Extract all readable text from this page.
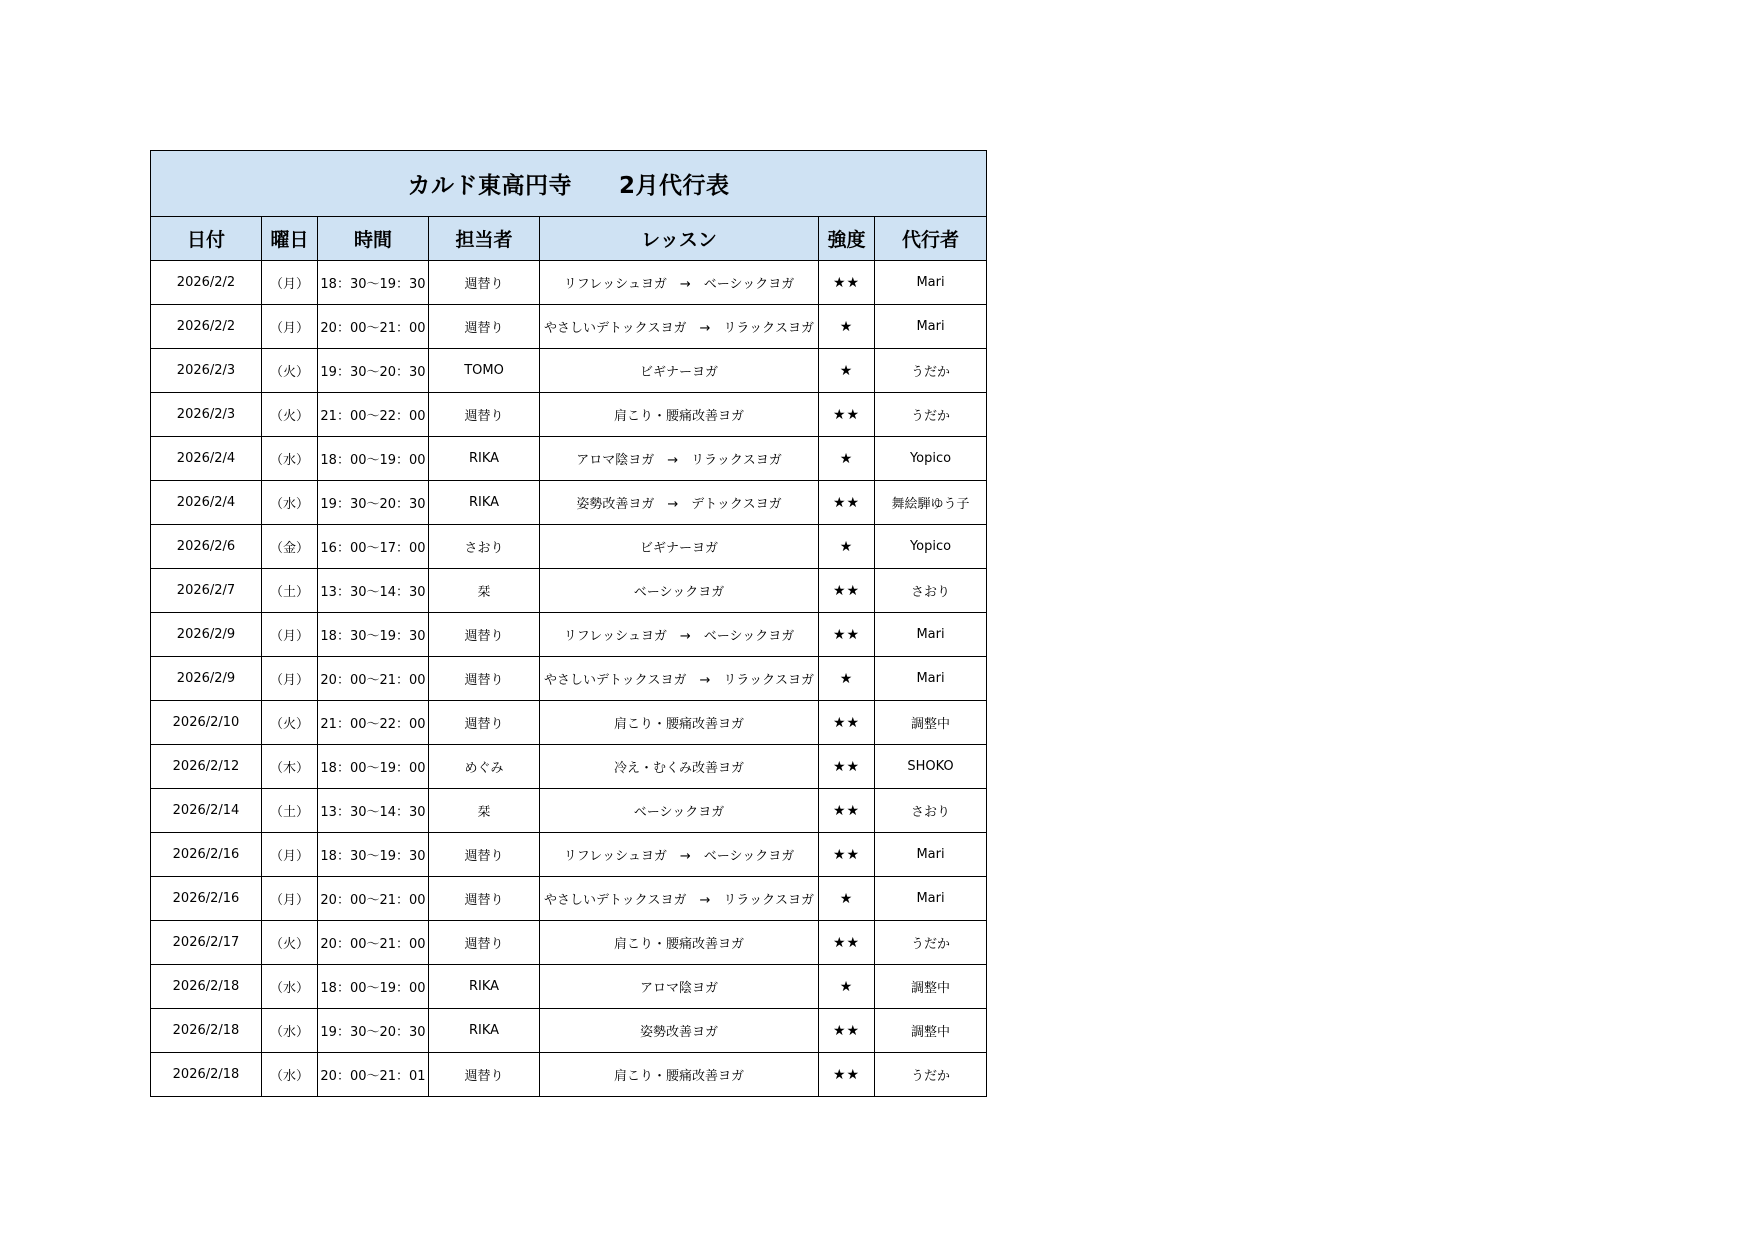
カルド東高円寺　　2月代行表						
日付	曜日	時間	担当者	レッスン	強度	代行者
2026/2/2	（月）	18：30～19：30	週替り	リフレッシュヨガ　→　ベーシックヨガ	★★	Mari
2026/2/2	（月）	20：00～21：00	週替り	やさしいデトックスヨガ　→　リラックスヨガ	★	Mari
2026/2/3	（火）	19：30～20：30	TOMO	ビギナーヨガ	★	うだか
2026/2/3	（火）	21：00～22：00	週替り	肩こり・腰痛改善ヨガ	★★	うだか
2026/2/4	（水）	18：00～19：00	RIKA	アロマ陰ヨガ　→　リラックスヨガ	★	Yopico
2026/2/4	（水）	19：30～20：30	RIKA	姿勢改善ヨガ　→　デトックスヨガ	★★	舞絵騨ゆう子
2026/2/6	（金）	16：00～17：00	さおり	ビギナーヨガ	★	Yopico
2026/2/7	（土）	13：30～14：30	栞	ベーシックヨガ	★★	さおり
2026/2/9	（月）	18：30～19：30	週替り	リフレッシュヨガ　→　ベーシックヨガ	★★	Mari
2026/2/9	（月）	20：00～21：00	週替り	やさしいデトックスヨガ　→　リラックスヨガ	★	Mari
2026/2/10	（火）	21：00～22：00	週替り	肩こり・腰痛改善ヨガ	★★	調整中
2026/2/12	（木）	18：00～19：00	めぐみ	冷え・むくみ改善ヨガ	★★	SHOKO
2026/2/14	（土）	13：30～14：30	栞	ベーシックヨガ	★★	さおり
2026/2/16	（月）	18：30～19：30	週替り	リフレッシュヨガ　→　ベーシックヨガ	★★	Mari
2026/2/16	（月）	20：00～21：00	週替り	やさしいデトックスヨガ　→　リラックスヨガ	★	Mari
2026/2/17	（火）	20：00～21：00	週替り	肩こり・腰痛改善ヨガ	★★	うだか
2026/2/18	（水）	18：00～19：00	RIKA	アロマ陰ヨガ	★	調整中
2026/2/18	（水）	19：30～20：30	RIKA	姿勢改善ヨガ	★★	調整中
2026/2/18	（水）	20：00～21：01	週替り	肩こり・腰痛改善ヨガ	★★	うだか
